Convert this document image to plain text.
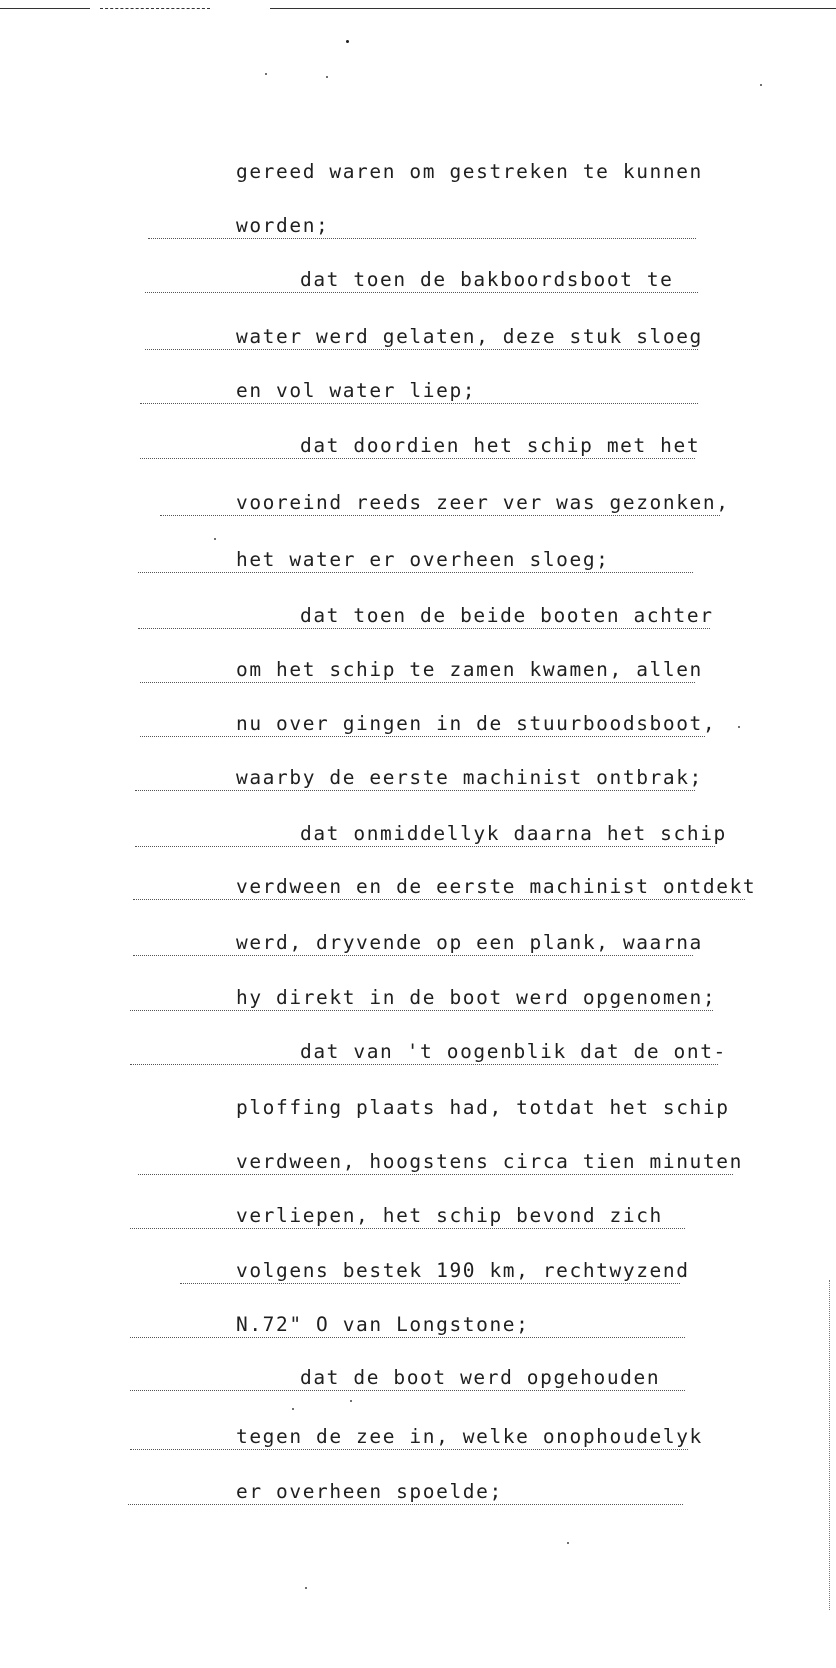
gereed waren om gestreken te kunnen
worden;
dat toen de bakboordsboot te
water werd gelaten, deze stuk sloeg
en vol water liep;
dat doordien het schip met het
vooreind reeds zeer ver was gezonken,
het water er overheen sloeg;
dat toen de beide booten achter
om het schip te zamen kwamen, allen
nu over gingen in de stuurboodsboot,
waarby de eerste machinist ontbrak;
dat onmiddellyk daarna het schip
verdween en de eerste machinist ontdekt
werd, dryvende op een plank, waarna
hy direkt in de boot werd opgenomen;
dat van 't oogenblik dat de ont-
ploffing plaats had, totdat het schip
verdween, hoogstens circa tien minuten
verliepen, het schip bevond zich
volgens bestek 190 km, rechtwyzend
N.72" O van Longstone;
dat de boot werd opgehouden
tegen de zee in, welke onophoudelyk
er overheen spoelde;
